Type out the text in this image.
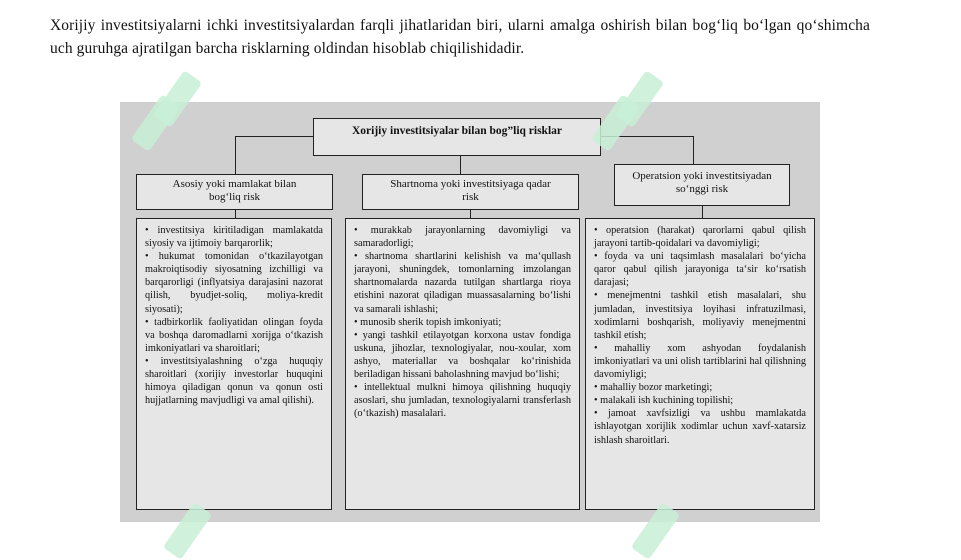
Xorijiy investitsiyalarni ichki investitsiyalardan farqli jihatlaridan biri, ularni amalga oshirish bilan bog‘liq bo‘lgan qo‘shimcha uch guruhga ajratilgan barcha risklarning oldindan hisoblab chiqilishidadir.
Xorijiy investitsiyalar bilan bog”liq risklar
Asosiy yoki mamlakat bilan bog‘liq risk
Shartnoma yoki investitsiyaga qadar risk
Operatsion yoki investitsiyadan so‘nggi risk

• investitsiya kiritiladigan mamlakatda siyosiy va ijtimoiy barqarorlik;

• hukumat tomonidan o‘tkazilayotgan makroiqtisodiy siyosatning izchilligi va barqarorligi (inflyatsiya darajasini nazorat qilish, byudjet-soliq, moliya-kredit siyosati);

• tadbirkorlik faoliyatidan olingan foyda va boshqa daromadlarni xorijga o‘tkazish imkoniyatlari va sharoitlari;

• investitsiyalashning o‘zga huquqiy sharoitlari (xorijiy investorlar huquqini himoya qiladigan qonun va qonun osti hujjatlarning mavjudligi va amal qilishi).

• murakkab jarayonlarning davomiyligi va samaradorligi;

• shartnoma shartlarini kelishish va ma‘qullash jarayoni, shuningdek, tomonlarning imzolangan shartnomalarda nazarda tutilgan shartlarga rioya etishini nazorat qiladigan muassasalarning bo‘lishi va samarali ishlashi;

• munosib sherik topish imkoniyati;

• yangi tashkil etilayotgan korxona ustav fondiga uskuna, jihozlar, texnologiyalar, nou-xoular, xom ashyo, materiallar va boshqalar ko‘rinishida beriladigan hissani baholashning mavjud bo‘lishi;

• intellektual mulkni himoya qilishning huquqiy asoslari, shu jumladan, texnologiyalarni transferlash (o‘tkazish) masalalari.

• operatsion (harakat) qarorlarni qabul qilish jarayoni tartib-qoidalari va davomiyligi;

• foyda va uni taqsimlash masalalari bo‘yicha qaror qabul qilish jarayoniga ta‘sir ko‘rsatish darajasi;

• menejmentni tashkil etish masalalari, shu jumladan, investitsiya loyihasi infratuzilmasi, xodimlarni boshqarish, moliyaviy menejmentni tashkil etish;

• mahalliy xom ashyodan foydalanish imkoniyatlari va uni olish tartiblarini hal qilishning davomiyligi;

• mahalliy bozor marketingi;

• malakali ish kuchining topilishi;

• jamoat xavfsizligi va ushbu mamlakatda ishlayotgan xorijlik xodimlar uchun xavf-xatarsiz ishlash sharoitlari.
